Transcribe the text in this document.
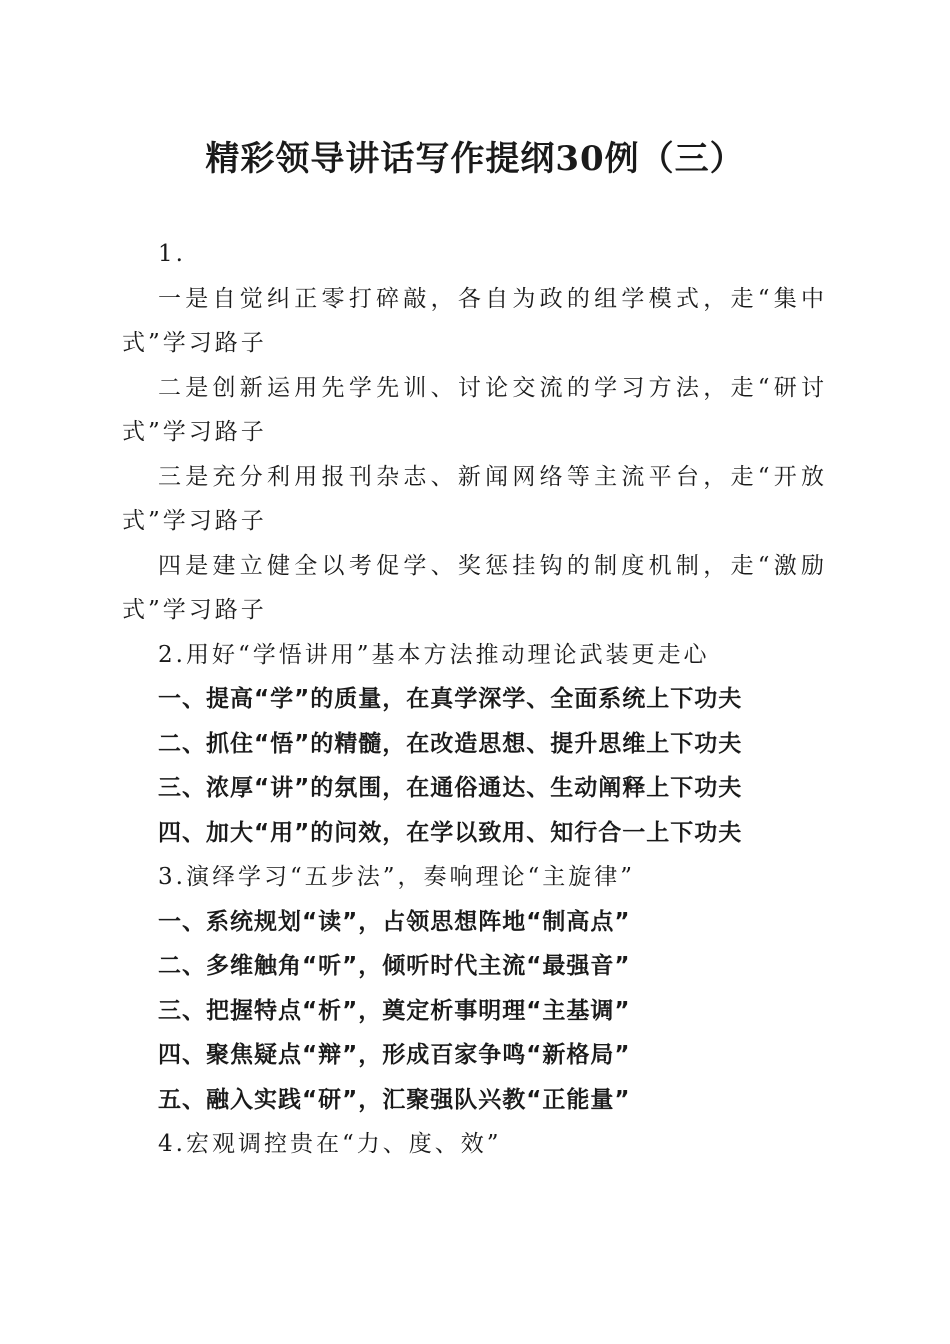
精彩领导讲话写作提纲30例（三）
1.
一是自觉纠正零打碎敲，各自为政的组学模式，走“集中式”学习路子
二是创新运用先学先训、讨论交流的学习方法，走“研讨式”学习路子
三是充分利用报刊杂志、新闻网络等主流平台，走“开放式”学习路子
四是建立健全以考促学、奖惩挂钩的制度机制，走“激励式”学习路子
2.用好“学悟讲用”基本方法推动理论武装更走心
一、提高“学”的质量，在真学深学、全面系统上下功夫
二、抓住“悟”的精髓，在改造思想、提升思维上下功夫
三、浓厚“讲”的氛围，在通俗通达、生动阐释上下功夫
四、加大“用”的问效，在学以致用、知行合一上下功夫
3.演绎学习“五步法”，奏响理论“主旋律”
一、系统规划“读”，占领思想阵地“制高点”
二、多维触角“听”，倾听时代主流“最强音”
三、把握特点“析”，奠定析事明理“主基调”
四、聚焦疑点“辩”，形成百家争鸣“新格局”
五、融入实践“研”，汇聚强队兴教“正能量”
4.宏观调控贵在“力、度、效”
